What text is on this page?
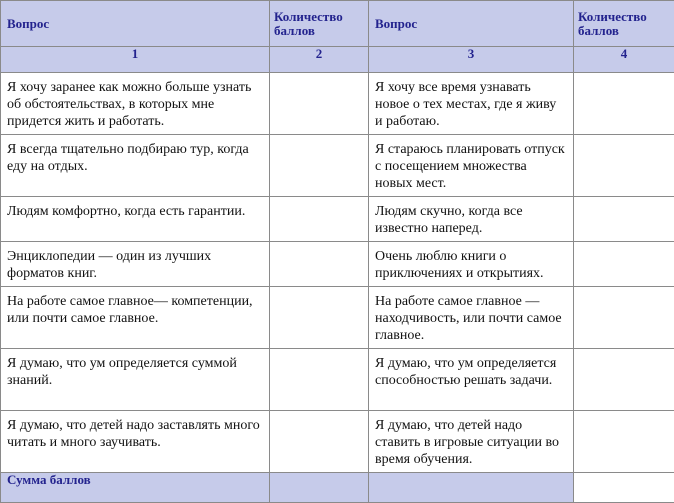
Вопрос	Количество баллов	Вопрос	Количество баллов
1	2	3	4
Я хочу заранее как можно больше узнать об обстоятельствах, в которых мне придется жить и работать.		Я хочу все время узнавать новое о тех местах, где я живу и работаю.	
Я всегда тщательно подбираю тур, когда еду на отдых.		Я стараюсь планировать отпуск с посещением множества новых мест.	
Людям комфортно, когда есть гарантии.		Людям скучно, когда все известно наперед.	
Энциклопедии — один из лучших форматов книг.		Очень люблю книги о приключениях и открытиях.	
На работе самое главное— компетенции, или почти самое главное.		На работе самое главное — находчивость, или почти самое главное.	
Я думаю, что ум определяется суммой знаний.		Я думаю, что ум определяется способностью решать задачи.	
Я думаю, что детей надо заставлять много читать и много заучивать.		Я думаю, что детей надо ставить в игровые ситуации во время обучения.	
Сумма баллов			
